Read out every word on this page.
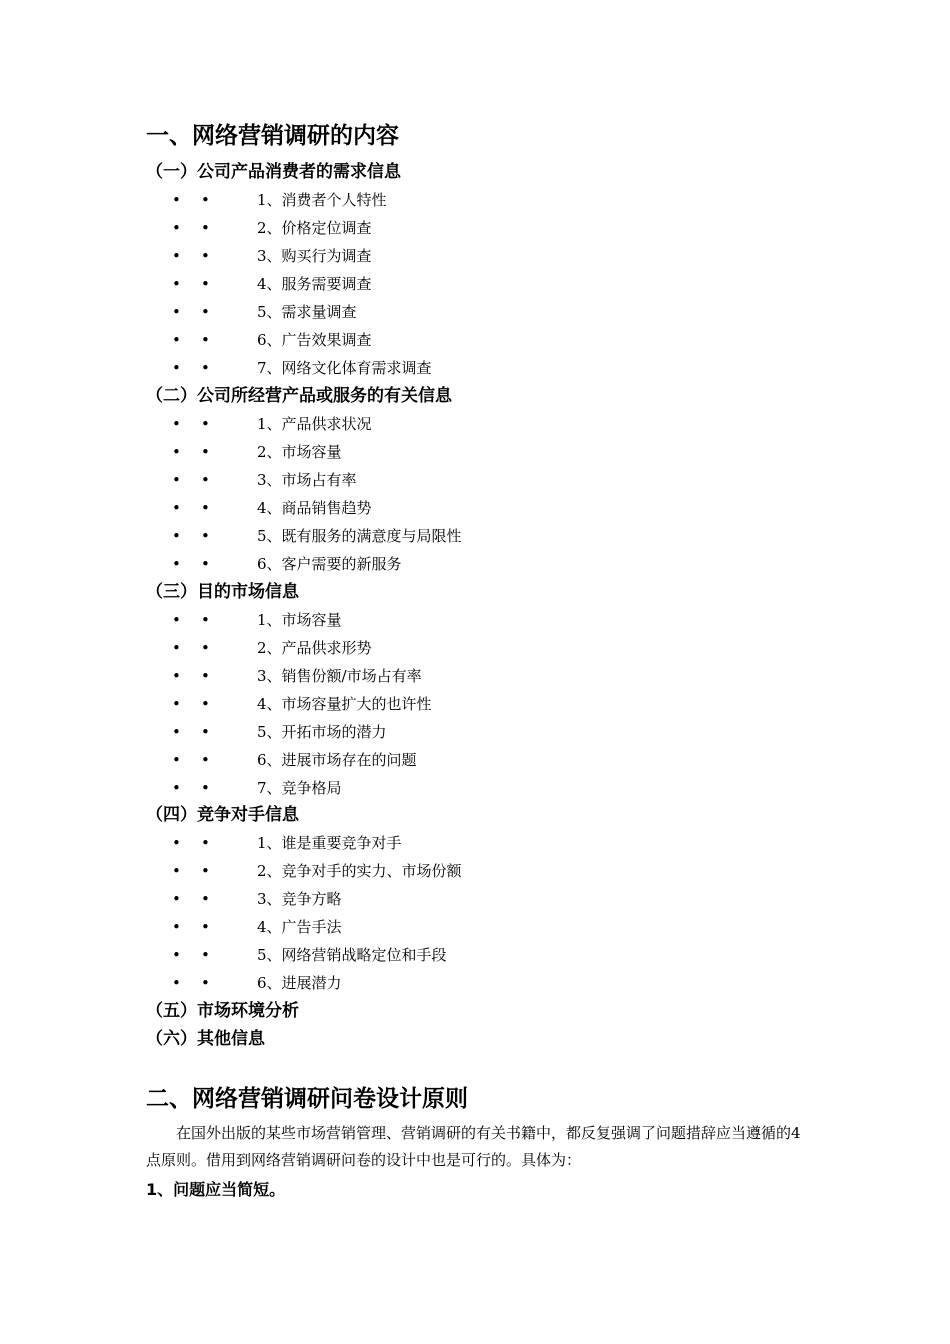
一、网络营销调研的内容
（一）公司产品消费者的需求信息
• •	1、消费者个人特性
• •	2、价格定位调查
• •	3、购买行为调查
• •	4、服务需要调查
• •	5、需求量调查
• •	6、广告效果调查
• •	7、网络文化体育需求调查
（二）公司所经营产品或服务的有关信息
• •	1、产品供求状况
• •	2、市场容量
• •	3、市场占有率
• •	4、商品销售趋势
• •	5、既有服务的满意度与局限性
• •	6、客户需要的新服务
（三）目的市场信息
• •	1、市场容量
• •	2、产品供求形势
• •	3、销售份额/市场占有率
• •	4、市场容量扩大的也许性
• •	5、开拓市场的潜力
• •	6、进展市场存在的问题
• •	7、竞争格局
（四）竞争对手信息
• •	1、谁是重要竞争对手
• •	2、竞争对手的实力、市场份额
• •	3、竞争方略
• •	4、广告手法
• •	5、网络营销战略定位和手段
• •	6、进展潜力
（五）市场环境分析
（六）其他信息
二、网络营销调研问卷设计原则
在国外出版的某些市场营销管理、营销调研的有关书籍中，都反复强调了问题措辞应当遵循的4点原则。借用到网络营销调研问卷的设计中也是可行的。具体为：
1、问题应当简短。
